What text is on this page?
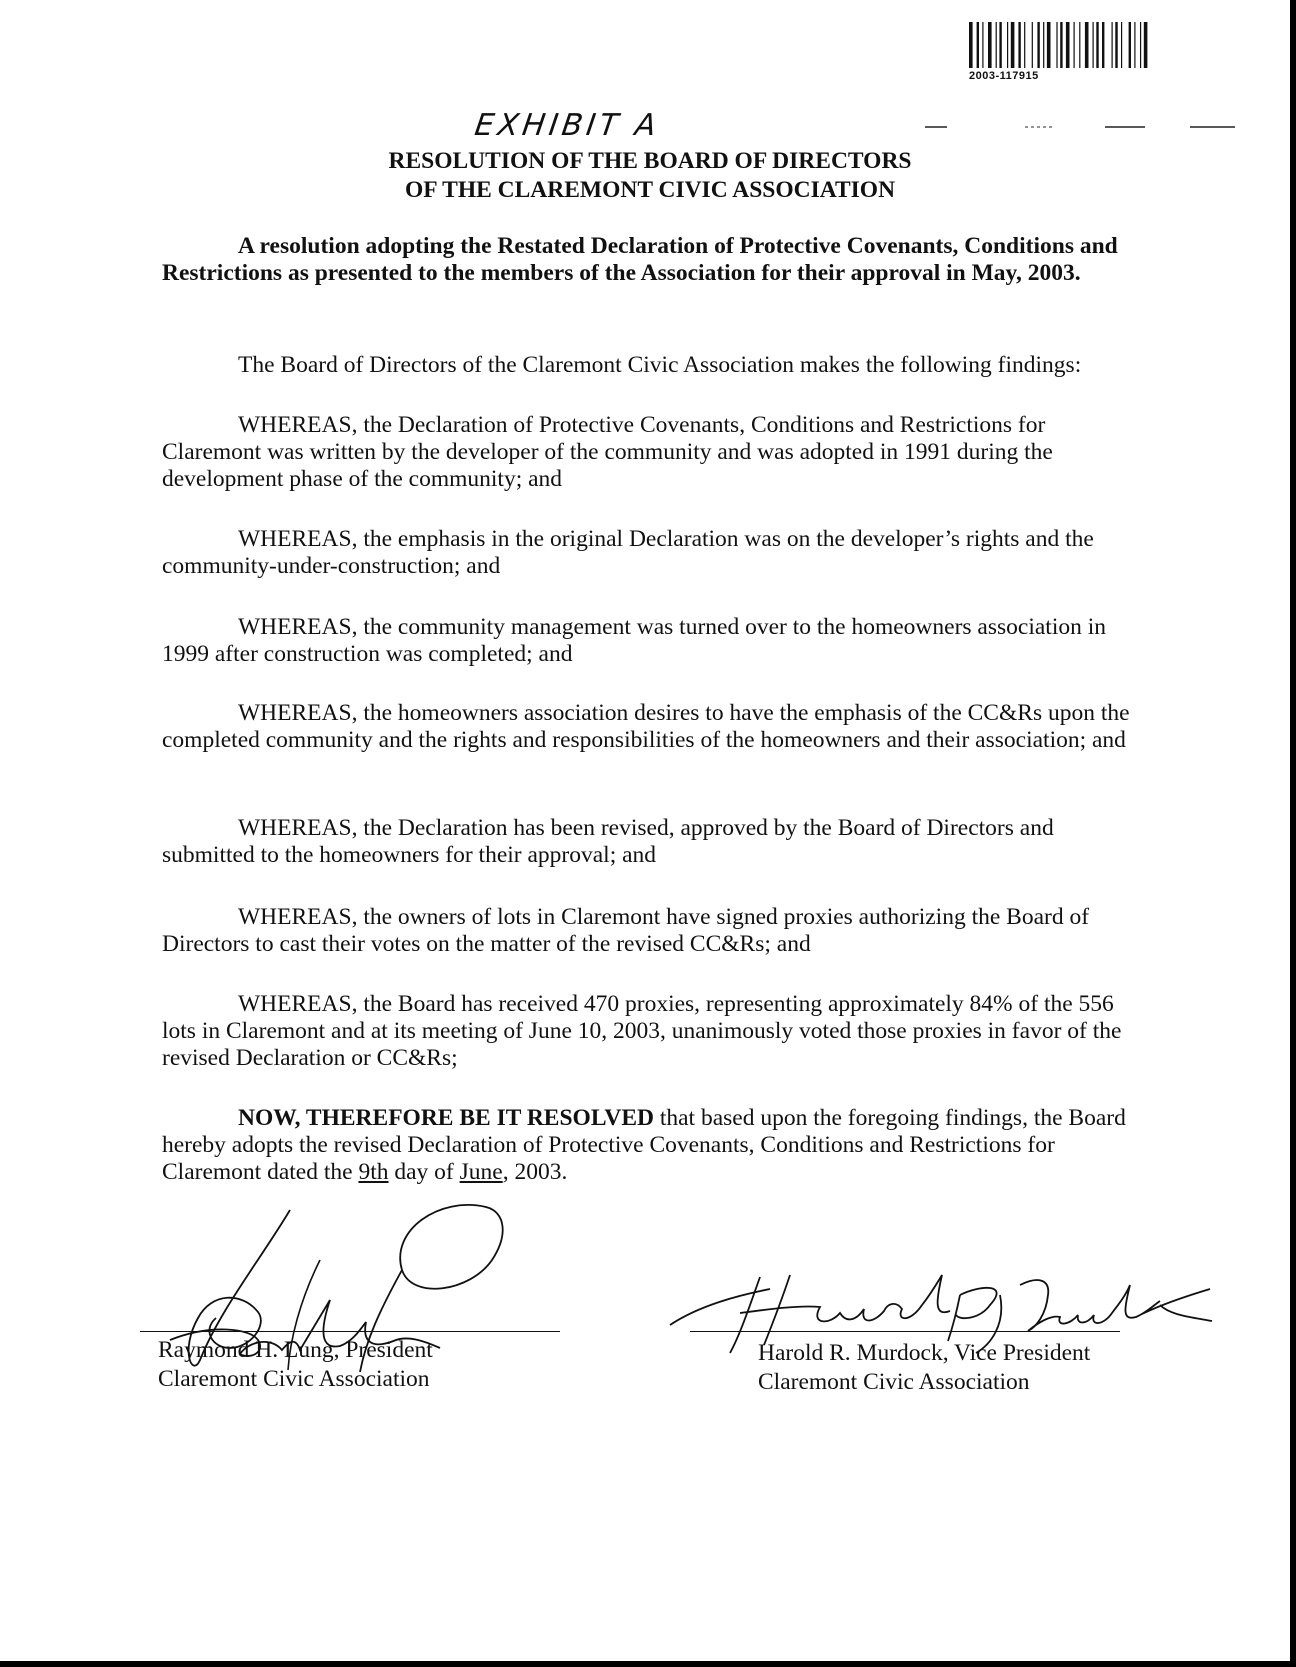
2003-117915
EXHIBIT A
RESOLUTION OF THE BOARD OF DIRECTORS
OF THE CLAREMONT CIVIC ASSOCIATION
A resolution adopting the Restated Declaration of Protective Covenants, Conditions and Restrictions as presented to the members of the Association for their approval in May, 2003.
The Board of Directors of the Claremont Civic Association makes the following findings:
WHEREAS, the Declaration of Protective Covenants, Conditions and Restrictions for Claremont was written by the developer of the community and was adopted in 1991 during the development phase of the community; and
WHEREAS, the emphasis in the original Declaration was on the developer’s rights and the community-under-construction; and
WHEREAS, the community management was turned over to the homeowners association in 1999 after construction was completed; and
WHEREAS, the homeowners association desires to have the emphasis of the CC&Rs upon the completed community and the rights and responsibilities of the homeowners and their association; and
WHEREAS, the Declaration has been revised, approved by the Board of Directors and submitted to the homeowners for their approval; and
WHEREAS, the owners of lots in Claremont have signed proxies authorizing the Board of Directors to cast their votes on the matter of the revised CC&Rs; and
WHEREAS, the Board has received 470 proxies, representing approximately 84% of the 556 lots in Claremont and at its meeting of June 10, 2003, unanimously voted those proxies in favor of the revised Declaration or CC&Rs;
NOW, THEREFORE BE IT RESOLVED that based upon the foregoing findings, the Board hereby adopts the revised Declaration of Protective Covenants, Conditions and Restrictions for Claremont dated the 9th day of June, 2003.
Raymond H. Lung, President
Claremont Civic Association
Harold R. Murdock, Vice President
Claremont Civic Association
